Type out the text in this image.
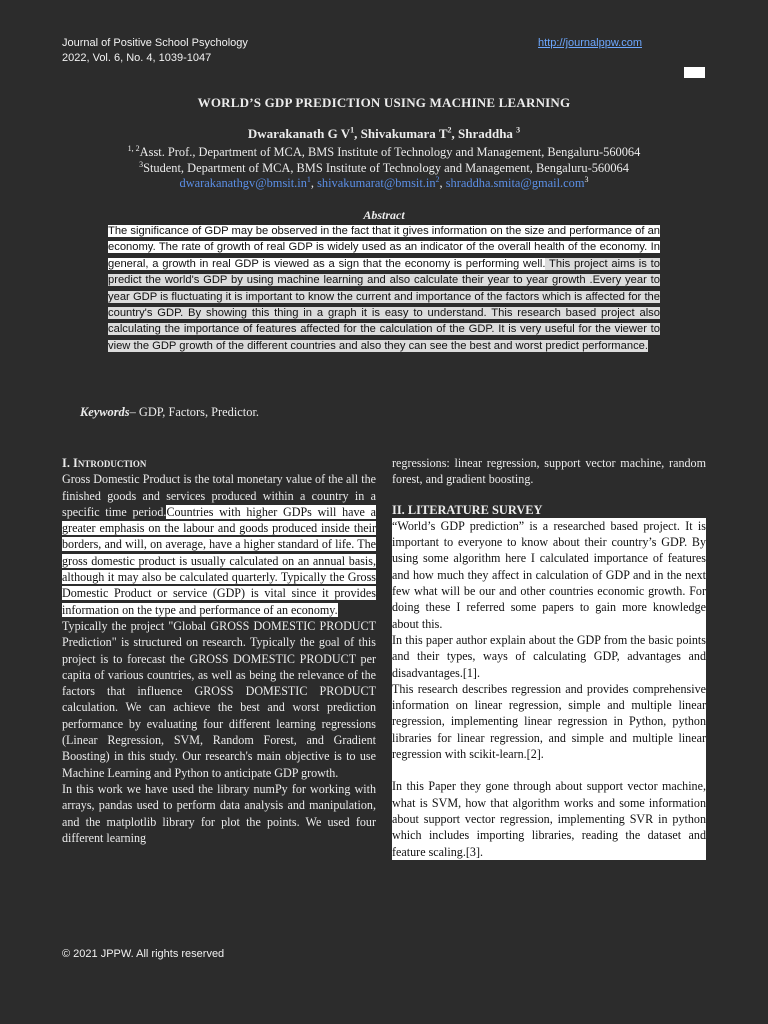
Journal of Positive School Psychology
2022, Vol. 6, No. 4, 1039-1047
http://journalppw.com
WORLD’S GDP PREDICTION USING MACHINE LEARNING
Dwarakanath G $V^1$, Shivakumara $T^2$, Shraddha $^3$
$^{1, 2}$Asst. Prof., Department of MCA, BMS Institute of Technology and Management, Bengaluru-560064
$^3$Student, Department of MCA, BMS Institute of Technology and Management, Bengaluru-560064
$dwarakanathgv@bmsit.in^1$, $shivakumarat@bmsit.in^2$, shraddha.smita@gmail.com$^3$
Abstract
The significance of GDP may be observed in the fact that it gives information on the size and performance of an economy. The rate of growth of real GDP is widely used as an indicator of the overall health of the economy. In general, a growth in real GDP is viewed as a sign that the economy is performing well. This project aims is to predict the world's GDP by using machine learning and also calculate their year to year growth .Every year to year GDP is fluctuating it is important to know the current and importance of the factors which is affected for the country's GDP. By showing this thing in a graph it is easy to understand. This research based project also calculating the importance of features affected for the calculation of the GDP. It is very useful for the viewer to view the GDP growth of the different countries and also they can see the best and worst predict performance.
Keywords– GDP, Factors, Predictor.

I. Introduction

Gross Domestic Product is the total monetary value of the all the finished goods and services produced within a country in a specific time period.Countries with higher GDPs will have a greater emphasis on the labour and goods produced inside their borders, and will, on average, have a higher standard of life. The gross domestic product is usually calculated on an annual basis, although it may also be calculated quarterly. Typically the Gross Domestic Product or service (GDP) is vital since it provides information on the type and performance of an economy.

Typically the project "Global GROSS DOMESTIC PRODUCT Prediction" is structured on research. Typically the goal of this project is to forecast the GROSS DOMESTIC PRODUCT per capita of various countries, as well as being the relevance of the factors that influence GROSS DOMESTIC PRODUCT calculation. We can achieve the best and worst prediction performance by evaluating four different learning regressions (Linear Regression, SVM, Random Forest, and Gradient Boosting) in this study. Our research's main objective is to use Machine Learning and Python to anticipate GDP growth.

In this work we have used the library numPy for working with arrays, pandas used to perform data analysis and manipulation, and the matplotlib library for plot the points. We used four different learning

regressions: linear regression, support vector machine, random forest, and gradient boosting.

II. LITERATURE SURVEY

“World’s GDP prediction” is a researched based project. It is important to everyone to know about their country’s GDP. By using some algorithm here I calculated importance of features and how much they affect in calculation of GDP and in the next few what will be our and other countries economic growth. For doing these I referred some papers to gain more knowledge about this.

In this paper author explain about the GDP from the basic points and their types, ways of calculating GDP, advantages and disadvantages.[1].

This research describes regression and provides comprehensive information on linear regression, simple and multiple linear regression, implementing linear regression in Python, python libraries for linear regression, and simple and multiple linear regression with scikit-learn.[2].

In this Paper they gone through about support vector machine, what is SVM, how that algorithm works and some information about support vector regression, implementing SVR in python which includes importing libraries, reading the dataset and feature scaling.[3].

© 2021 JPPW. All rights reserved
